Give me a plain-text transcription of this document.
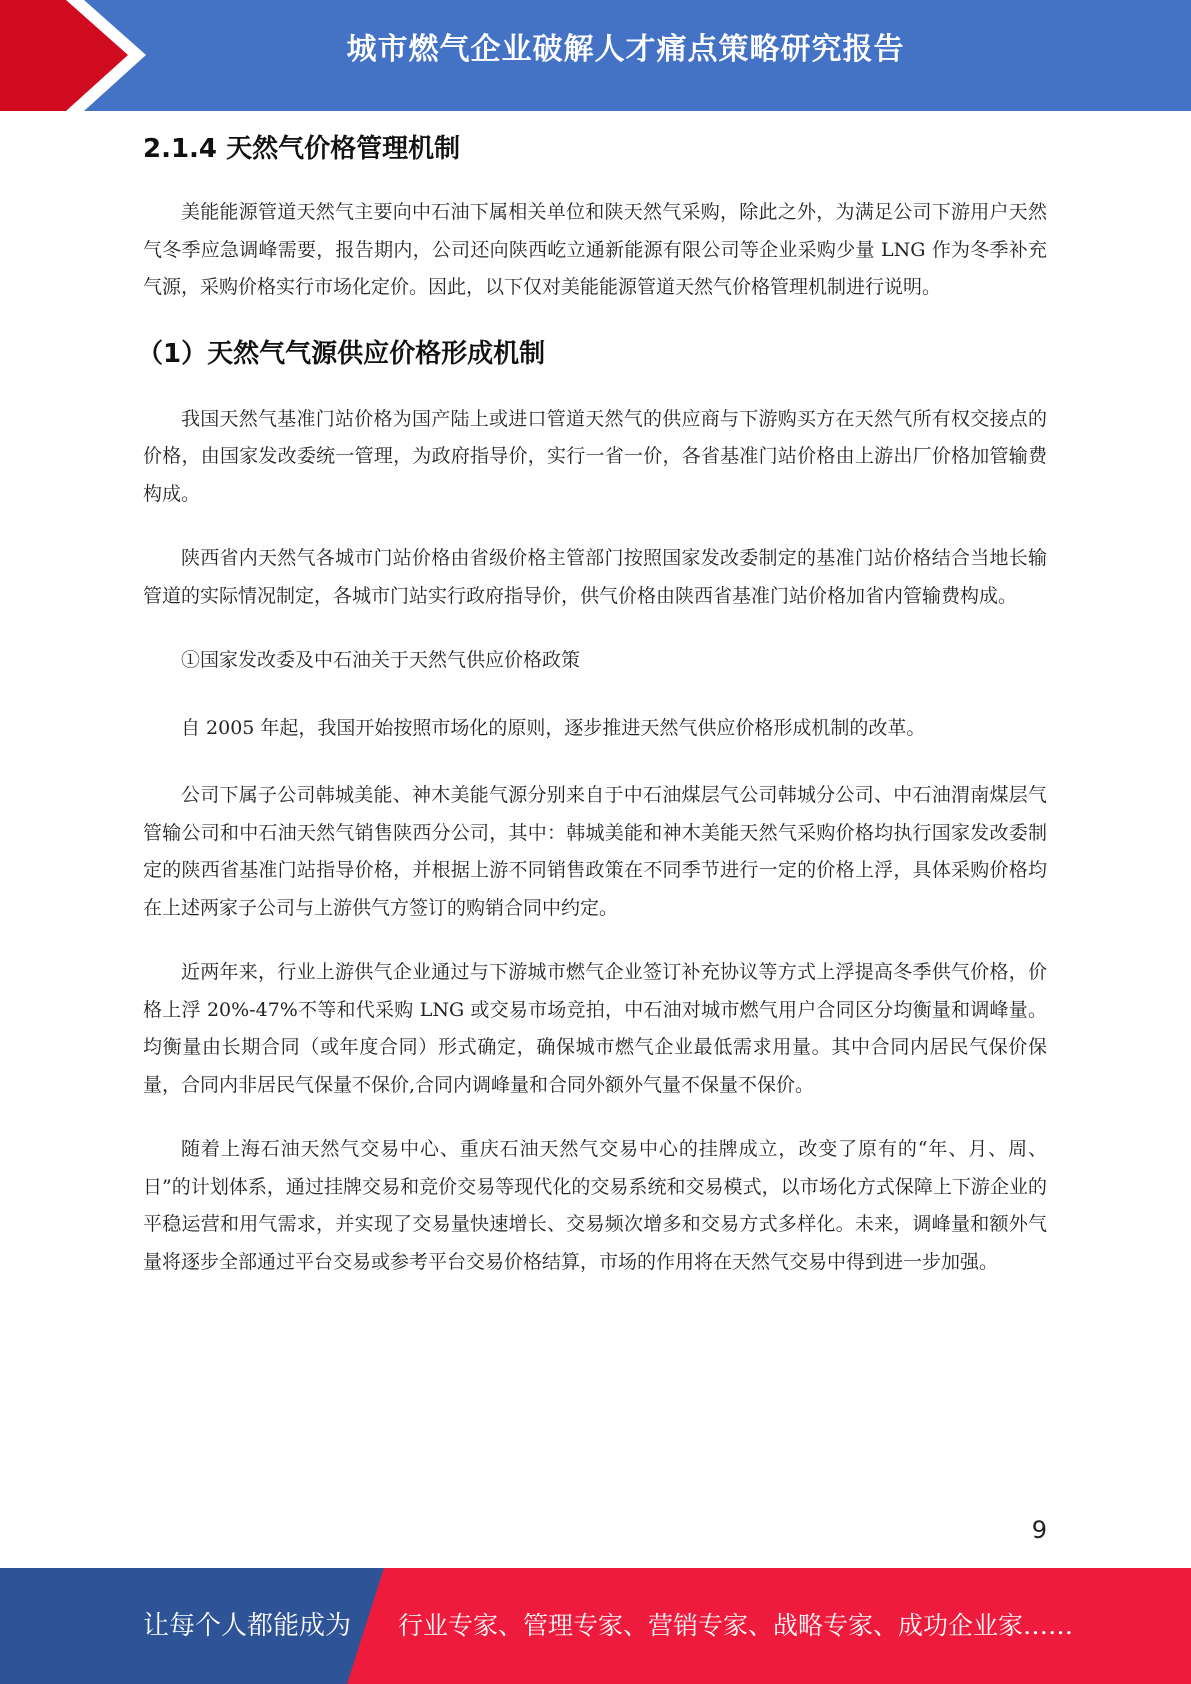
城市燃气企业破解人才痛点策略研究报告
2.1.4 天然气价格管理机制

美能能源管道天然气主要向中石油下属相关单位和陕天然气采购，除此之外，为满足公司下游用户天然气冬季应急调峰需要，报告期内，公司还向陕西屹立通新能源有限公司等企业采购少量 LNG 作为冬季补充气源，采购价格实行市场化定价。因此，以下仅对美能能源管道天然气价格管理机制进行说明。

（1）天然气气源供应价格形成机制

我国天然气基准门站价格为国产陆上或进口管道天然气的供应商与下游购买方在天然气所有权交接点的价格，由国家发改委统一管理，为政府指导价，实行一省一价，各省基准门站价格由上游出厂价格加管输费构成。

陕西省内天然气各城市门站价格由省级价格主管部门按照国家发改委制定的基准门站价格结合当地长输管道的实际情况制定，各城市门站实行政府指导价，供气价格由陕西省基准门站价格加省内管输费构成。

①国家发改委及中石油关于天然气供应价格政策

自 2005 年起，我国开始按照市场化的原则，逐步推进天然气供应价格形成机制的改革。

公司下属子公司韩城美能、神木美能气源分别来自于中石油煤层气公司韩城分公司、中石油渭南煤层气管输公司和中石油天然气销售陕西分公司，其中：韩城美能和神木美能天然气采购价格均执行国家发改委制定的陕西省基准门站指导价格，并根据上游不同销售政策在不同季节进行一定的价格上浮，具体采购价格均在上述两家子公司与上游供气方签订的购销合同中约定。

近两年来，行业上游供气企业通过与下游城市燃气企业签订补充协议等方式上浮提高冬季供气价格，价格上浮 20%-47%不等和代采购 LNG 或交易市场竞拍，中石油对城市燃气用户合同区分均衡量和调峰量。均衡量由长期合同（或年度合同）形式确定，确保城市燃气企业最低需求用量。其中合同内居民气保价保量，合同内非居民气保量不保价,合同内调峰量和合同外额外气量不保量不保价。

随着上海石油天然气交易中心、重庆石油天然气交易中心的挂牌成立，改变了原有的“年、月、周、日”的计划体系，通过挂牌交易和竞价交易等现代化的交易系统和交易模式，以市场化方式保障上下游企业的平稳运营和用气需求，并实现了交易量快速增长、交易频次增多和交易方式多样化。未来，调峰量和额外气量将逐步全部通过平台交易或参考平台交易价格结算，市场的作用将在天然气交易中得到进一步加强。

9
让每个人都能成为 行业专家、管理专家、营销专家、战略专家、成功企业家……
